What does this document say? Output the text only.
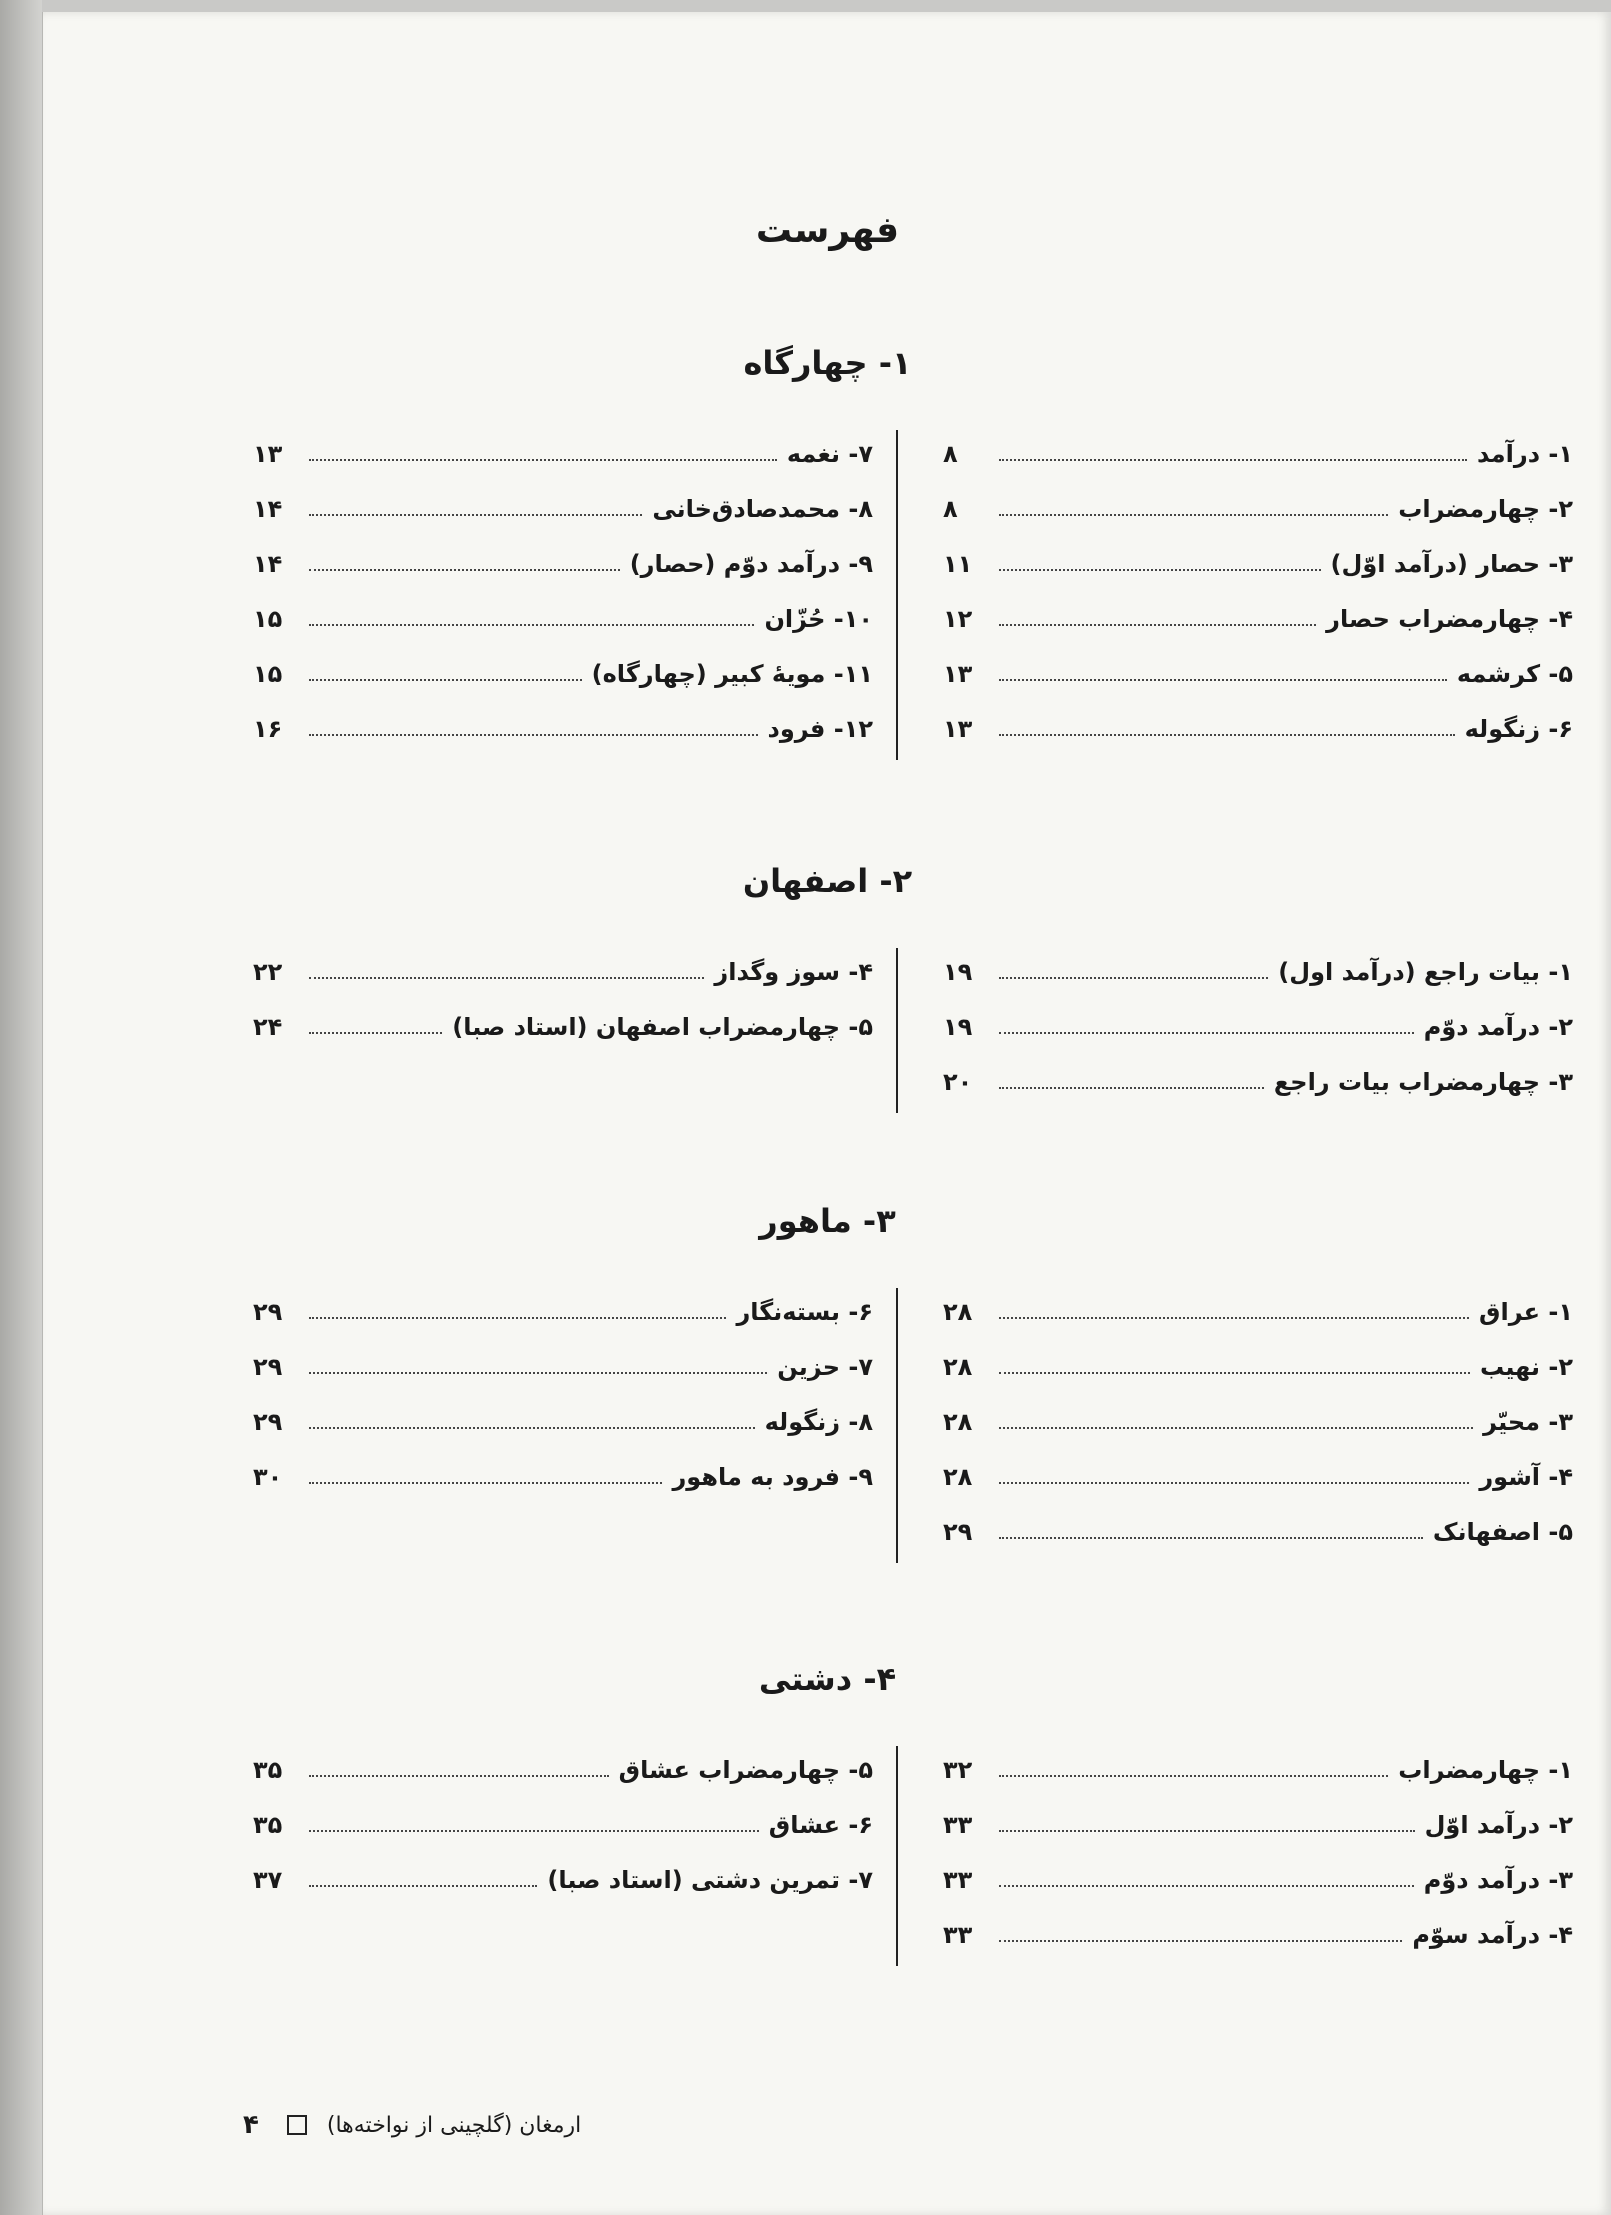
فهرست
۱- چهارگاه
۱- درآمد
۸
۲- چهارمضراب
۸
۳- حصار (درآمد اوّل)
۱۱
۴- چهارمضراب حصار
۱۲
۵- کرشمه
۱۳
۶- زنگوله
۱۳
۷- نغمه
۱۳
۸- محمدصادق‌خانی
۱۴
۹- درآمد دوّم (حصار)
۱۴
۱۰- حُزّان
۱۵
۱۱- مویهٔ کبیر (چهارگاه)
۱۵
۱۲- فرود
۱۶
۲- اصفهان
۱- بیات راجع (درآمد اول)
۱۹
۲- درآمد دوّم
۱۹
۳- چهارمضراب بیات راجع
۲۰
۴- سوز وگداز
۲۲
۵- چهارمضراب اصفهان (استاد صبا)
۲۴
۳- ماهور
۱- عراق
۲۸
۲- نهیب
۲۸
۳- محیّر
۲۸
۴- آشور
۲۸
۵- اصفهانک
۲۹
۶- بسته‌نگار
۲۹
۷- حزین
۲۹
۸- زنگوله
۲۹
۹- فرود به ماهور
۳۰
۴- دشتی
۱- چهارمضراب
۳۲
۲- درآمد اوّل
۳۳
۳- درآمد دوّم
۳۳
۴- درآمد سوّم
۳۳
۵- چهارمضراب عشاق
۳۵
۶- عشاق
۳۵
۷- تمرین دشتی (استاد صبا)
۳۷
ارمغان (گلچینی از نواخته‌ها)
۴
